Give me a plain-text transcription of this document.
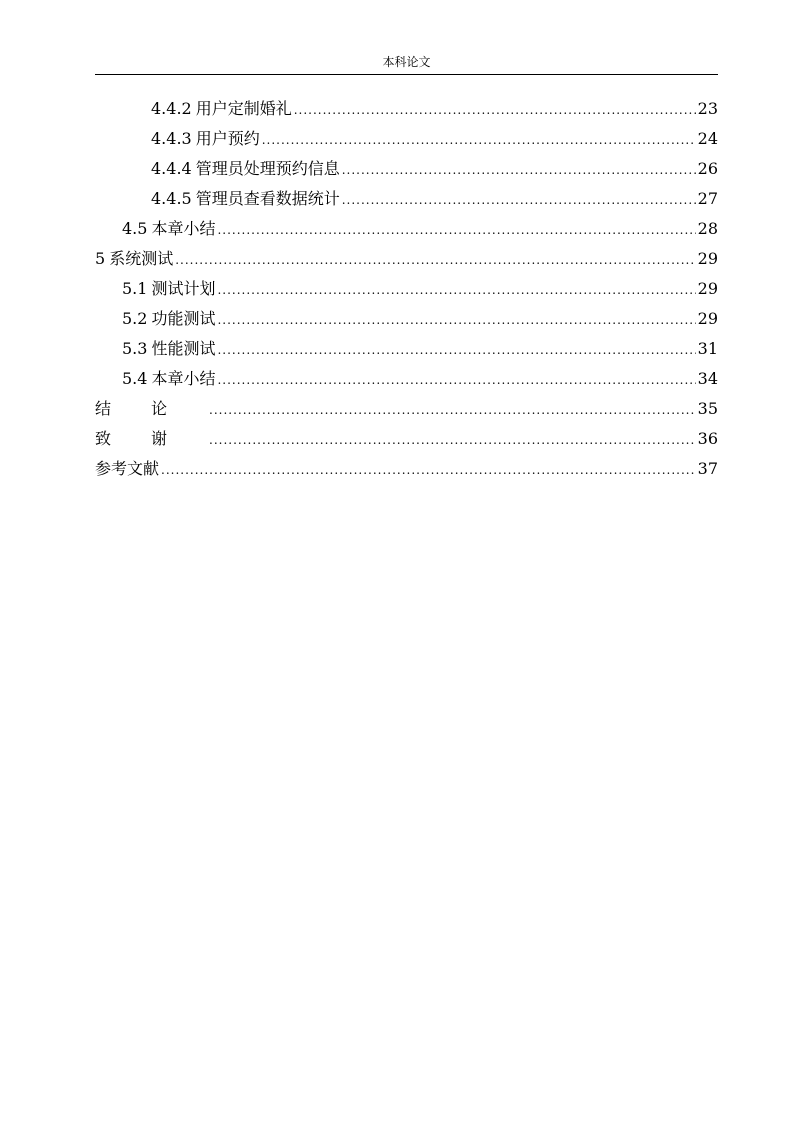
本科论文
4.4.2 用户定制婚礼 .....	23
4.4.3 用户预约 .....	24
4.4.4 管理员处理预约信息 .....	26
4.4.5 管理员查看数据统计 .....	27
4.5 本章小结 .....	28
5 系统测试 .....	29
5.1 测试计划 .....	29
5.2 功能测试 .....	29
5.3 性能测试 .....	31
5.4 本章小结 .....	34
结论 .....	35
致谢 .....	36
参考文献 .....	37
